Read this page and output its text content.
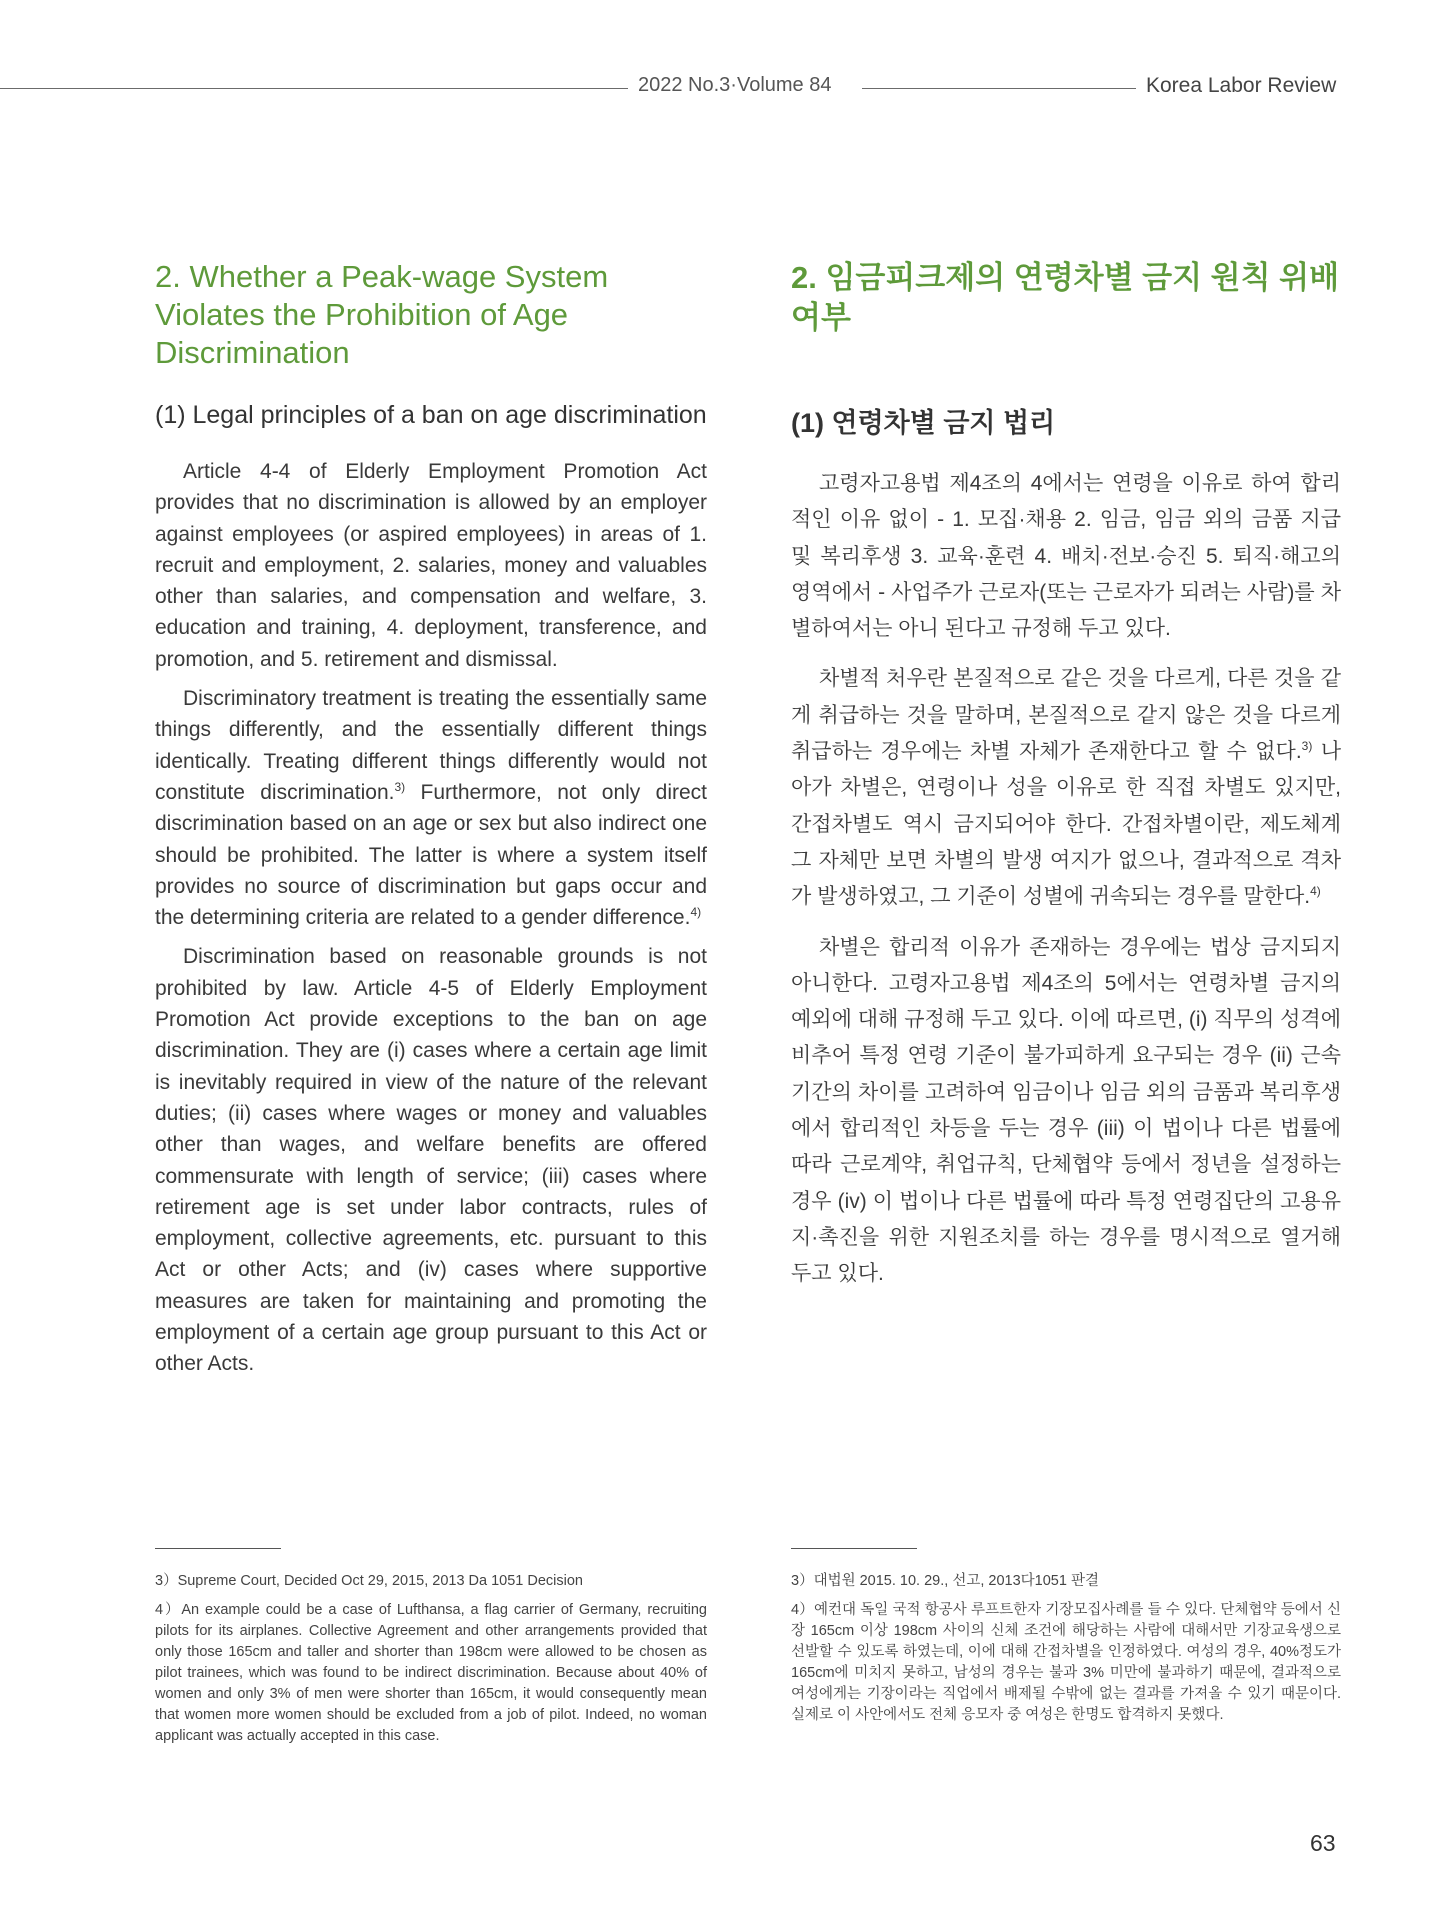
2022 No.3·Volume 84	Korea Labor Review
2. Whether a Peak-wage System Violates the Prohibition of Age Discrimination
(1) Legal principles of a ban on age discrimination

Article 4-4 of Elderly Employment Promotion Act provides that no discrimination is allowed by an employer against employees (or aspired employees) in areas of 1. recruit and employment, 2. salaries, money and valuables other than salaries, and compensation and welfare, 3. education and training, 4. deployment, transference, and promotion, and 5. retirement and dismissal.

Discriminatory treatment is treating the essentially same things differently, and the essentially different things identically. Treating different things differently would not constitute discrimination.$^{3)}$ Furthermore, not only direct discrimination based on an age or sex but also indirect one should be prohibited. The latter is where a system itself provides no source of discrimination but gaps occur and the determining criteria are related to a gender difference.$^{4)}$

Discrimination based on reasonable grounds is not prohibited by law. Article 4-5 of Elderly Employment Promotion Act provide exceptions to the ban on age discrimination. They are (i) cases where a certain age limit is inevitably required in view of the nature of the relevant duties; (ii) cases where wages or money and valuables other than wages, and welfare benefits are offered commensurate with length of service; (iii) cases where retirement age is set under labor contracts, rules of employment, collective agreements, etc. pursuant to this Act or other Acts; and (iv) cases where supportive measures are taken for maintaining and promoting the employment of a certain age group pursuant to this Act or other Acts.

2. 임금피크제의 연령차별 금지 원칙 위배 여부
(1) 연령차별 금지 법리

고령자고용법 제4조의 4에서는 연령을 이유로 하여 합리적인 이유 없이 - 1. 모집·채용 2. 임금, 임금 외의 금품 지급 및 복리후생 3. 교육·훈련 4. 배치·전보·승진 5. 퇴직·해고의 영역에서 - 사업주가 근로자(또는 근로자가 되려는 사람)를 차별하여서는 아니 된다고 규정해 두고 있다.

차별적 처우란 본질적으로 같은 것을 다르게, 다른 것을 같게 취급하는 것을 말하며, 본질적으로 같지 않은 것을 다르게 취급하는 경우에는 차별 자체가 존재한다고 할 수 없다.$^{3)}$ 나아가 차별은, 연령이나 성을 이유로 한 직접 차별도 있지만, 간접차별도 역시 금지되어야 한다. 간접차별이란, 제도체계 그 자체만 보면 차별의 발생 여지가 없으나, 결과적으로 격차가 발생하였고, 그 기준이 성별에 귀속되는 경우를 말한다.$^{4)}$

차별은 합리적 이유가 존재하는 경우에는 법상 금지되지 아니한다. 고령자고용법 제4조의 5에서는 연령차별 금지의 예외에 대해 규정해 두고 있다. 이에 따르면, (i) 직무의 성격에 비추어 특정 연령 기준이 불가피하게 요구되는 경우 (ii) 근속기간의 차이를 고려하여 임금이나 임금 외의 금품과 복리후생에서 합리적인 차등을 두는 경우 (iii) 이 법이나 다른 법률에 따라 근로계약, 취업규칙, 단체협약 등에서 정년을 설정하는 경우 (iv) 이 법이나 다른 법률에 따라 특정 연령집단의 고용유지·촉진을 위한 지원조치를 하는 경우를 명시적으로 열거해 두고 있다.

3）Supreme Court, Decided Oct 29, 2015, 2013 Da 1051 Decision

4）An example could be a case of Lufthansa, a flag carrier of Germany, recruiting pilots for its airplanes. Collective Agreement and other arrangements provided that only those 165cm and taller and shorter than 198cm were allowed to be chosen as pilot trainees, which was found to be indirect discrimination. Because about 40% of women and only 3% of men were shorter than 165cm, it would consequently mean that women more women should be excluded from a job of pilot. Indeed, no woman applicant was actually accepted in this case.

3）대법원 2015. 10. 29., 선고, 2013다1051 판결

4）예컨대 독일 국적 항공사 루프트한자 기장모집사례를 들 수 있다. 단체협약 등에서 신장 165cm 이상 198cm 사이의 신체 조건에 해당하는 사람에 대해서만 기장교육생으로 선발할 수 있도록 하였는데, 이에 대해 간접차별을 인정하였다. 여성의 경우, 40%정도가 165cm에 미치지 못하고, 남성의 경우는 불과 3% 미만에 불과하기 때문에, 결과적으로 여성에게는 기장이라는 직업에서 배제될 수밖에 없는 결과를 가져올 수 있기 때문이다. 실제로 이 사안에서도 전체 응모자 중 여성은 한명도 합격하지 못했다.

63
